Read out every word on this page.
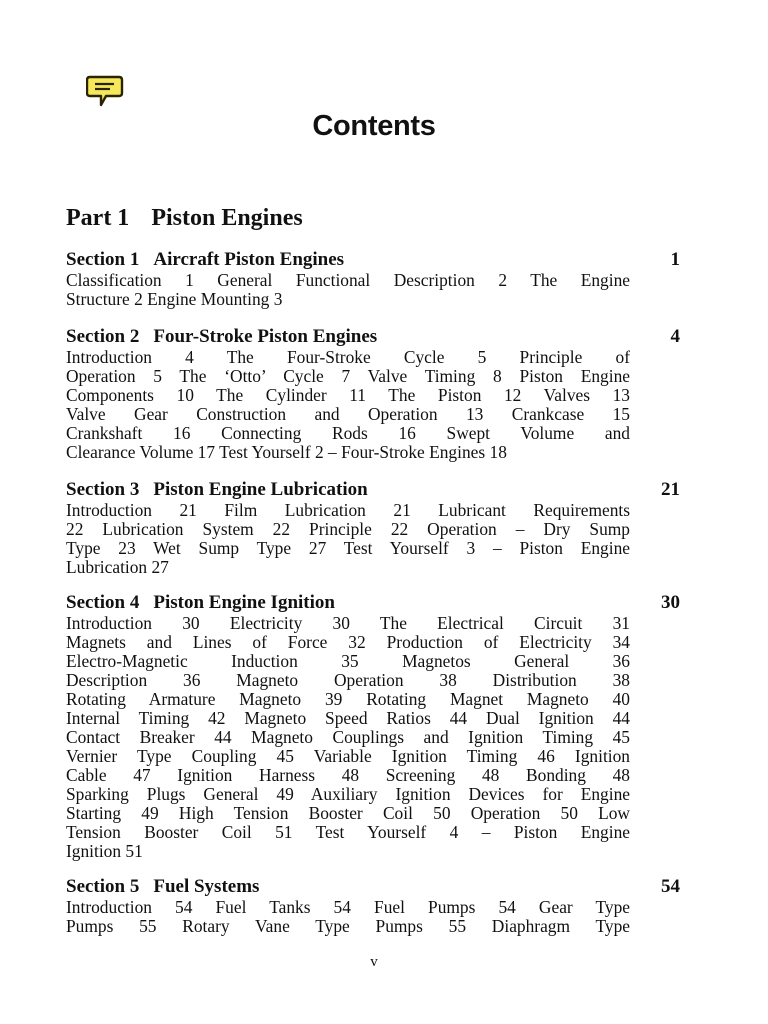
Contents
Part 1 Piston Engines
Section 1 Aircraft Piston Engines	1
Classification 1 General Functional Description 2 The Engine
Structure 2 Engine Mounting 3
Section 2 Four-Stroke Piston Engines	4
Introduction 4 The Four-Stroke Cycle 5 Principle of
Operation 5 The ‘Otto’ Cycle 7 Valve Timing 8 Piston Engine
Components 10 The Cylinder 11 The Piston 12 Valves 13
Valve Gear Construction and Operation 13 Crankcase 15
Crankshaft 16 Connecting Rods 16 Swept Volume and
Clearance Volume 17 Test Yourself 2 – Four-Stroke Engines 18
Section 3 Piston Engine Lubrication	21
Introduction 21 Film Lubrication 21 Lubricant Requirements
22 Lubrication System 22 Principle 22 Operation – Dry Sump
Type 23 Wet Sump Type 27 Test Yourself 3 – Piston Engine
Lubrication 27
Section 4 Piston Engine Ignition	30
Introduction 30 Electricity 30 The Electrical Circuit 31
Magnets and Lines of Force 32 Production of Electricity 34
Electro-Magnetic Induction 35 Magnetos General 36
Description 36 Magneto Operation 38 Distribution 38
Rotating Armature Magneto 39 Rotating Magnet Magneto 40
Internal Timing 42 Magneto Speed Ratios 44 Dual Ignition 44
Contact Breaker 44 Magneto Couplings and Ignition Timing 45
Vernier Type Coupling 45 Variable Ignition Timing 46 Ignition
Cable 47 Ignition Harness 48 Screening 48 Bonding 48
Sparking Plugs General 49 Auxiliary Ignition Devices for Engine
Starting 49 High Tension Booster Coil 50 Operation 50 Low
Tension Booster Coil 51 Test Yourself 4 – Piston Engine
Ignition 51
Section 5 Fuel Systems	54
Introduction 54 Fuel Tanks 54 Fuel Pumps 54 Gear Type
Pumps 55 Rotary Vane Type Pumps 55 Diaphragm Type
v
